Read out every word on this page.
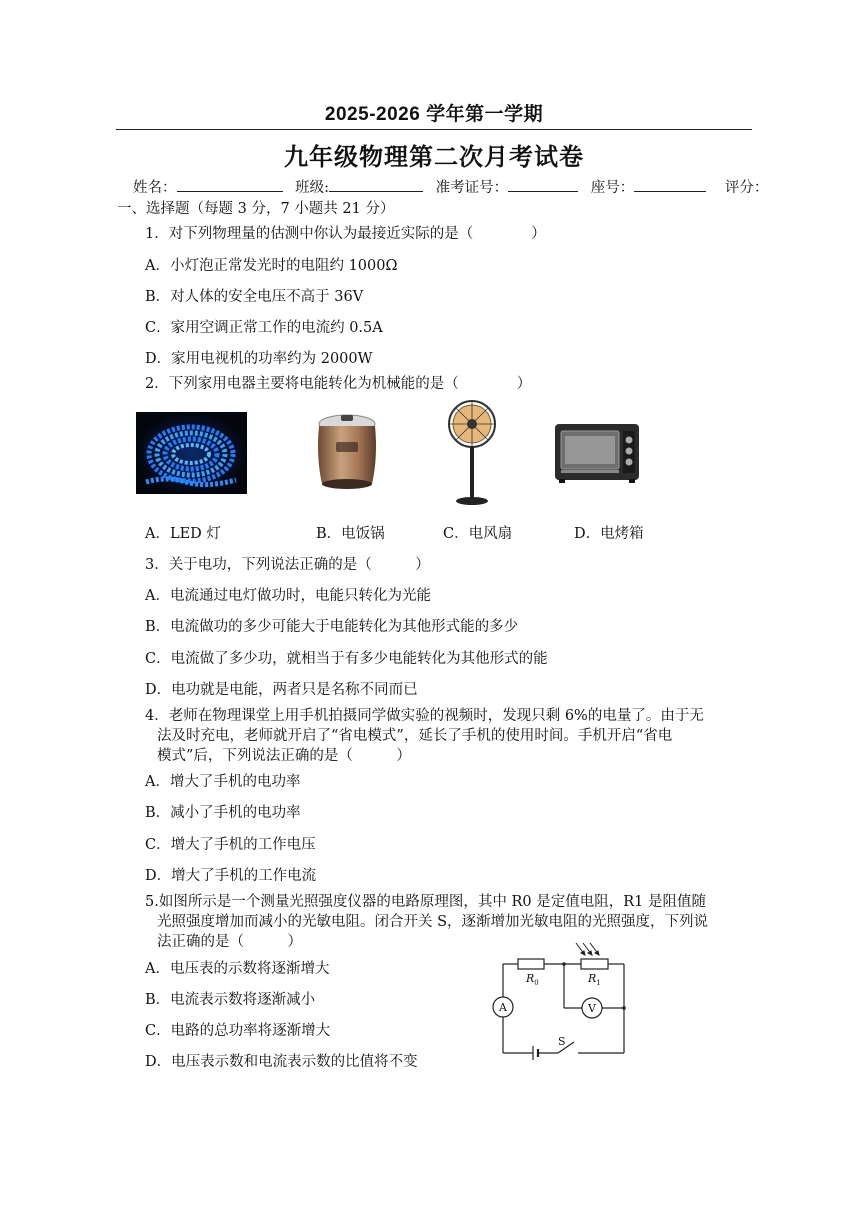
2025-2026 学年第一学期
九年级物理第二次月考试卷
姓名：	班级:	准考证号：	座号：	评分：
一、选择题（每题 3 分，7 小题共 21 分）
1．对下列物理量的估测中你认为最接近实际的是（　　　　）
A．小灯泡正常发光时的电阻约 1000Ω
B．对人体的安全电压不高于 36V
C．家用空调正常工作的电流约 0.5A
D．家用电视机的功率约为 2000W
2．下列家用电器主要将电能转化为机械能的是（　　　　）
A．LED 灯	B．电饭锅	C．电风扇	D．电烤箱
3．关于电功，下列说法正确的是（　　　）
A．电流通过电灯做功时，电能只转化为光能
B．电流做功的多少可能大于电能转化为其他形式能的多少
C．电流做了多少功，就相当于有多少电能转化为其他形式的能
D．电功就是电能，两者只是名称不同而已
4．老师在物理课堂上用手机拍摄同学做实验的视频时，发现只剩 6%的电量了。由于无
法及时充电，老师就开启了“省电模式”，延长了手机的使用时间。手机开启“省电
模式”后，下列说法正确的是（　　　）
A．增大了手机的电功率
B．减小了手机的电功率
C．增大了手机的工作电压
D．增大了手机的工作电流
5.如图所示是一个测量光照强度仪器的电路原理图，其中 R0 是定值电阻，R1 是阻值随
光照强度增加而减小的光敏电阻。闭合开关 S，逐渐增加光敏电阻的光照强度，下列说
法正确的是（　　　）
A．电压表的示数将逐渐增大
B．电流表示数将逐渐减小
C．电路的总功率将逐渐增大
D．电压表示数和电流表示数的比值将不变
$R_0$	$R_1$
A	V
S
